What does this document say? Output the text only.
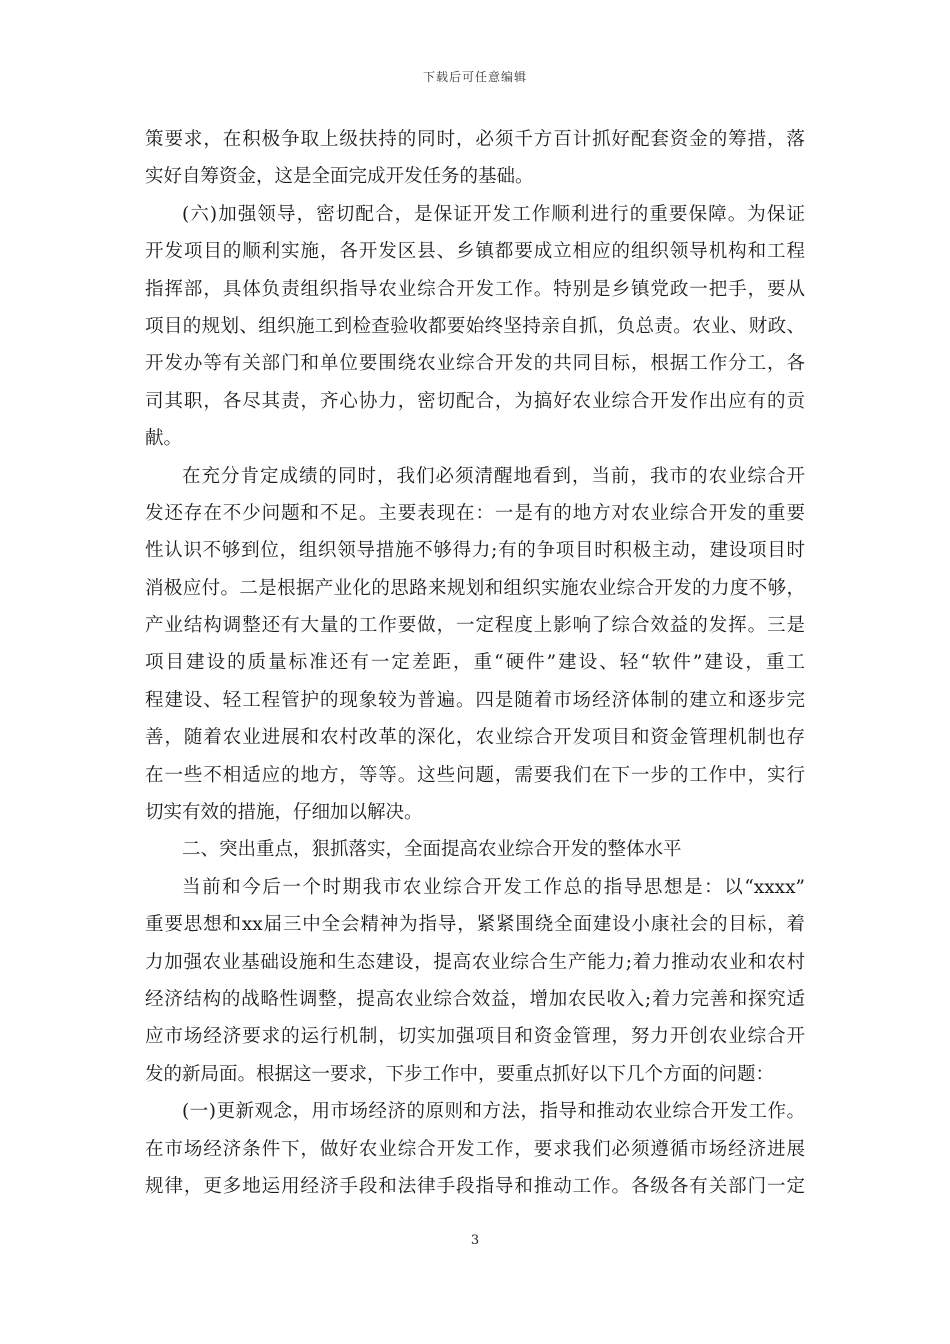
下载后可任意编辑
策要求，在积极争取上级扶持的同时，必须千方百计抓好配套资金的筹措，落
实好自筹资金，这是全面完成开发任务的基础。
(六)加强领导，密切配合，是保证开发工作顺利进行的重要保障。为保证
开发项目的顺利实施，各开发区县、乡镇都要成立相应的组织领导机构和工程
指挥部，具体负责组织指导农业综合开发工作。特别是乡镇党政一把手，要从
项目的规划、组织施工到检查验收都要始终坚持亲自抓，负总责。农业、财政、
开发办等有关部门和单位要围绕农业综合开发的共同目标，根据工作分工，各
司其职，各尽其责，齐心协力，密切配合，为搞好农业综合开发作出应有的贡
献。
在充分肯定成绩的同时，我们必须清醒地看到，当前，我市的农业综合开
发还存在不少问题和不足。主要表现在：一是有的地方对农业综合开发的重要
性认识不够到位，组织领导措施不够得力;有的争项目时积极主动，建设项目时
消极应付。二是根据产业化的思路来规划和组织实施农业综合开发的力度不够，
产业结构调整还有大量的工作要做，一定程度上影响了综合效益的发挥。三是
项目建设的质量标准还有一定差距，重“硬件”建设、轻“软件”建设，重工
程建设、轻工程管护的现象较为普遍。四是随着市场经济体制的建立和逐步完
善，随着农业进展和农村改革的深化，农业综合开发项目和资金管理机制也存
在一些不相适应的地方，等等。这些问题，需要我们在下一步的工作中，实行
切实有效的措施，仔细加以解决。
二、突出重点，狠抓落实，全面提高农业综合开发的整体水平
当前和今后一个时期我市农业综合开发工作总的指导思想是：以“xxxx”
重要思想和xx届三中全会精神为指导，紧紧围绕全面建设小康社会的目标，着
力加强农业基础设施和生态建设，提高农业综合生产能力;着力推动农业和农村
经济结构的战略性调整，提高农业综合效益，增加农民收入;着力完善和探究适
应市场经济要求的运行机制，切实加强项目和资金管理，努力开创农业综合开
发的新局面。根据这一要求，下步工作中，要重点抓好以下几个方面的问题：
(一)更新观念，用市场经济的原则和方法，指导和推动农业综合开发工作。
在市场经济条件下，做好农业综合开发工作，要求我们必须遵循市场经济进展
规律，更多地运用经济手段和法律手段指导和推动工作。各级各有关部门一定
3
